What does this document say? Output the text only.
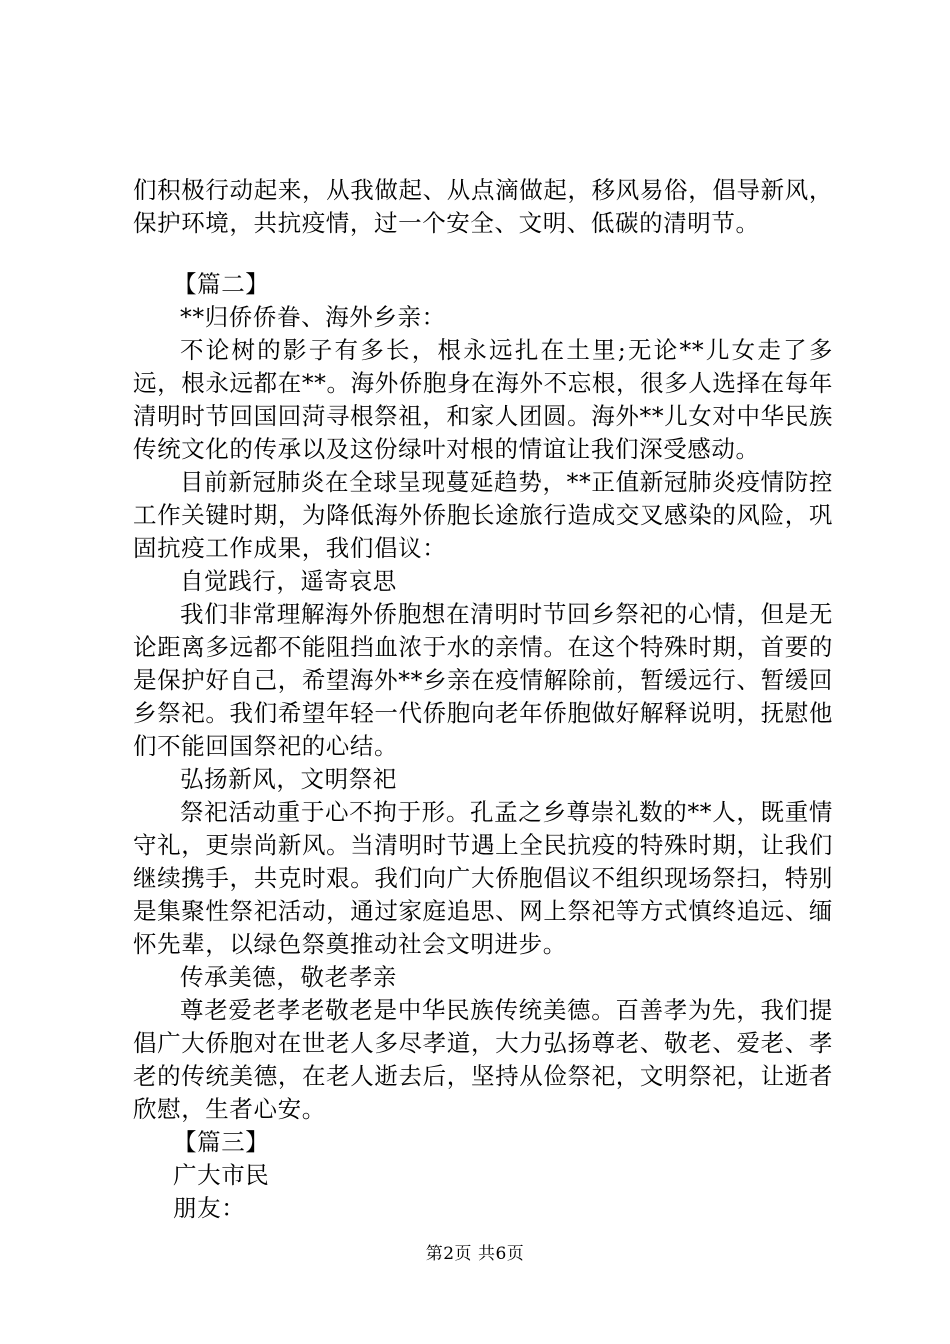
们积极行动起来，从我做起、从点滴做起，移风易俗，倡导新风，保护环境，共抗疫情，过一个安全、文明、低碳的清明节。

【篇二】

**归侨侨眷、海外乡亲：

不论树的影子有多长，根永远扎在土里;无论**儿女走了多远，根永远都在**。海外侨胞身在海外不忘根，很多人选择在每年清明时节回国回菏寻根祭祖，和家人团圆。海外**儿女对中华民族传统文化的传承以及这份绿叶对根的情谊让我们深受感动。

目前新冠肺炎在全球呈现蔓延趋势，**正值新冠肺炎疫情防控工作关键时期，为降低海外侨胞长途旅行造成交叉感染的风险，巩固抗疫工作成果，我们倡议：

自觉践行，遥寄哀思

我们非常理解海外侨胞想在清明时节回乡祭祀的心情，但是无论距离多远都不能阻挡血浓于水的亲情。在这个特殊时期，首要的是保护好自己，希望海外**乡亲在疫情解除前，暂缓远行、暂缓回乡祭祀。我们希望年轻一代侨胞向老年侨胞做好解释说明，抚慰他们不能回国祭祀的心结。

弘扬新风，文明祭祀

祭祀活动重于心不拘于形。孔孟之乡尊崇礼数的**人，既重情守礼，更崇尚新风。当清明时节遇上全民抗疫的特殊时期，让我们继续携手，共克时艰。我们向广大侨胞倡议不组织现场祭扫，特别是集聚性祭祀活动，通过家庭追思、网上祭祀等方式慎终追远、缅怀先辈，以绿色祭奠推动社会文明进步。

传承美德，敬老孝亲

尊老爱老孝老敬老是中华民族传统美德。百善孝为先，我们提倡广大侨胞对在世老人多尽孝道，大力弘扬尊老、敬老、爱老、孝老的传统美德，在老人逝去后，坚持从俭祭祀，文明祭祀，让逝者欣慰，生者心安。

【篇三】

广大市民

朋友：

第2页 共6页
